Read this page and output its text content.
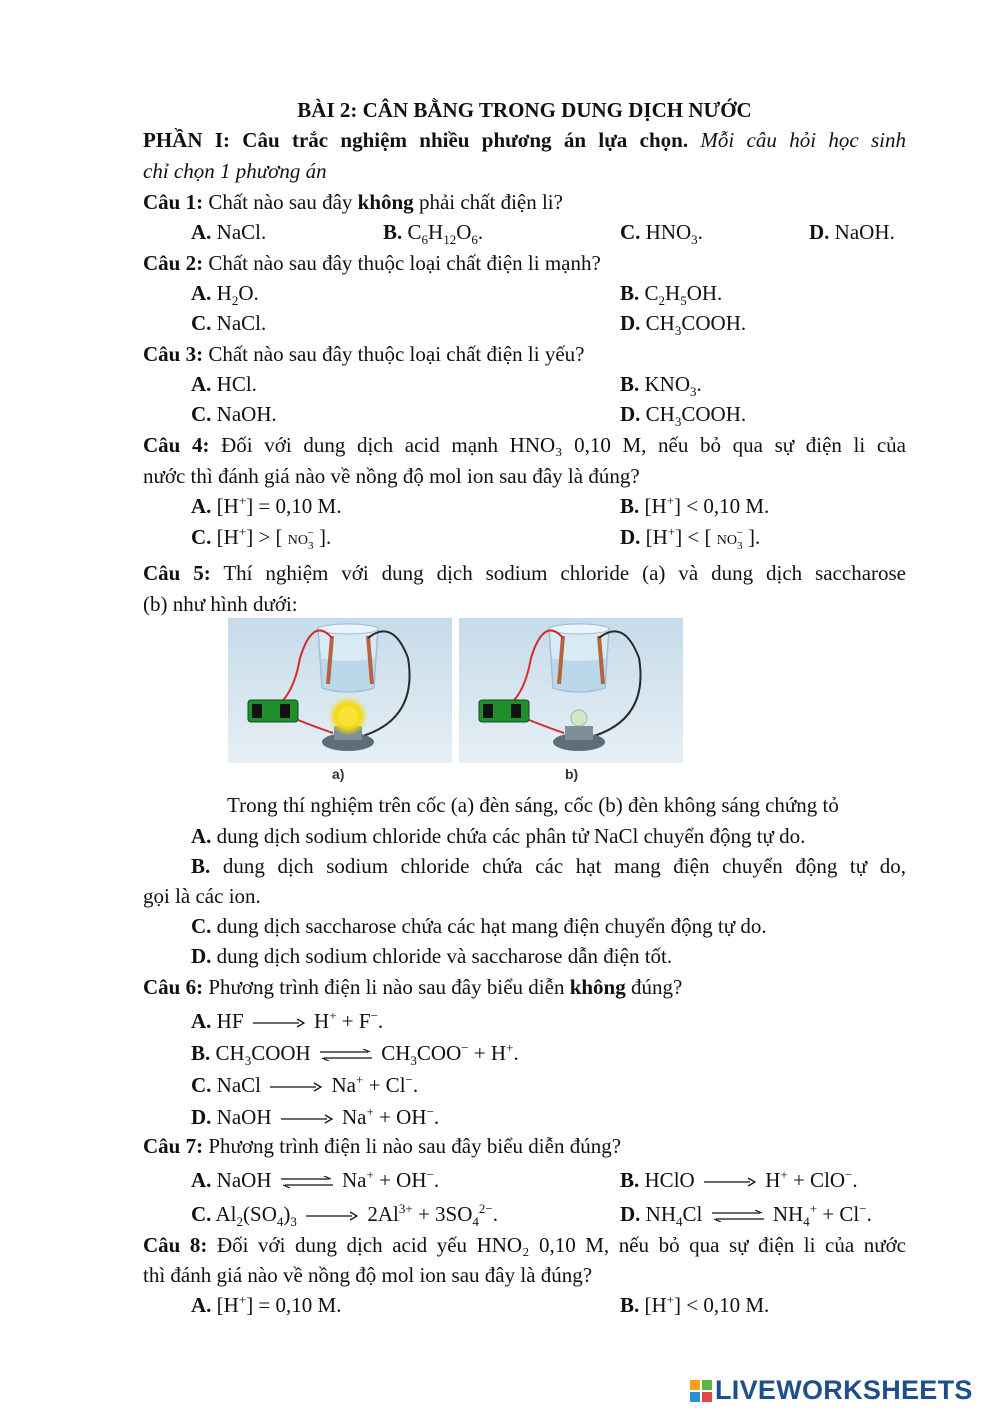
BÀI 2: CÂN BẰNG TRONG DUNG DỊCH NƯỚC
PHẦN I: Câu trắc nghiệm nhiều phương án lựa chọn. Mỗi câu hỏi học sinh
chỉ chọn 1 phương án
Câu 1: Chất nào sau đây không phải chất điện li?
A. NaCl.	B. $C_6H_{12}O_6$.	C. $HNO_3$.	D. NaOH.
Câu 2: Chất nào sau đây thuộc loại chất điện li mạnh?
A. $H_2O$.	B. $C_2H_5OH$.
C. NaCl.	D. $CH_3COOH$.
Câu 3: Chất nào sau đây thuộc loại chất điện li yếu?
A. HCl.	B. $KNO_3$.
C. NaOH.	D. $CH_3COOH$.
Câu 4: Đối với dung dịch acid mạnh HNO₃ 0,10 M, nếu bỏ qua sự điện li của
nước thì đánh giá nào về nồng độ mol ion sau đây là đúng?
A. [H+] = 0,10 M.	B. [H+] < 0,10 M.
C. [H+] > [ $NO_3^-$ ].	D. [H+] < [ $NO_3^-$ ].
Câu 5: Thí nghiệm với dung dịch sodium chloride (a) và dung dịch saccharose
(b) như hình dưới:
a)	b)
Trong thí nghiệm trên cốc (a) đèn sáng, cốc (b) đèn không sáng chứng tỏ
A. dung dịch sodium chloride chứa các phân tử NaCl chuyển động tự do.
B. dung dịch sodium chloride chứa các hạt mang điện chuyển động tự do,
gọi là các ion.
C. dung dịch saccharose chứa các hạt mang điện chuyển động tự do.
D. dung dịch sodium chloride và saccharose dẫn điện tốt.
Câu 6: Phương trình điện li nào sau đây biểu diễn không đúng?
A. HF	H+ + F−.
B. $CH_3COOH$ ⇌ $CH_3COO^- + H^+$.
C. NaCl	Na+ + Cl−.
D. NaOH	Na+ + OH−.
Câu 7: Phương trình điện li nào sau đây biểu diễn đúng?
A. NaOH ⇌ Na+ + OH−.	B. HClO	H+ + ClO−.
C. $Al_2(SO_4)_3$	$2Al^{3+} + 3SO_4^{2-}$.	D. $NH_4Cl$ ⇌ $NH_4^+ + Cl^-$.
Câu 8: Đối với dung dịch acid yếu HNO₂ 0,10 M, nếu bỏ qua sự điện li của nước
thì đánh giá nào về nồng độ mol ion sau đây là đúng?
A. [H+] = 0,10 M.	B. [H+] < 0,10 M.
LIVEWORKSHEETS
